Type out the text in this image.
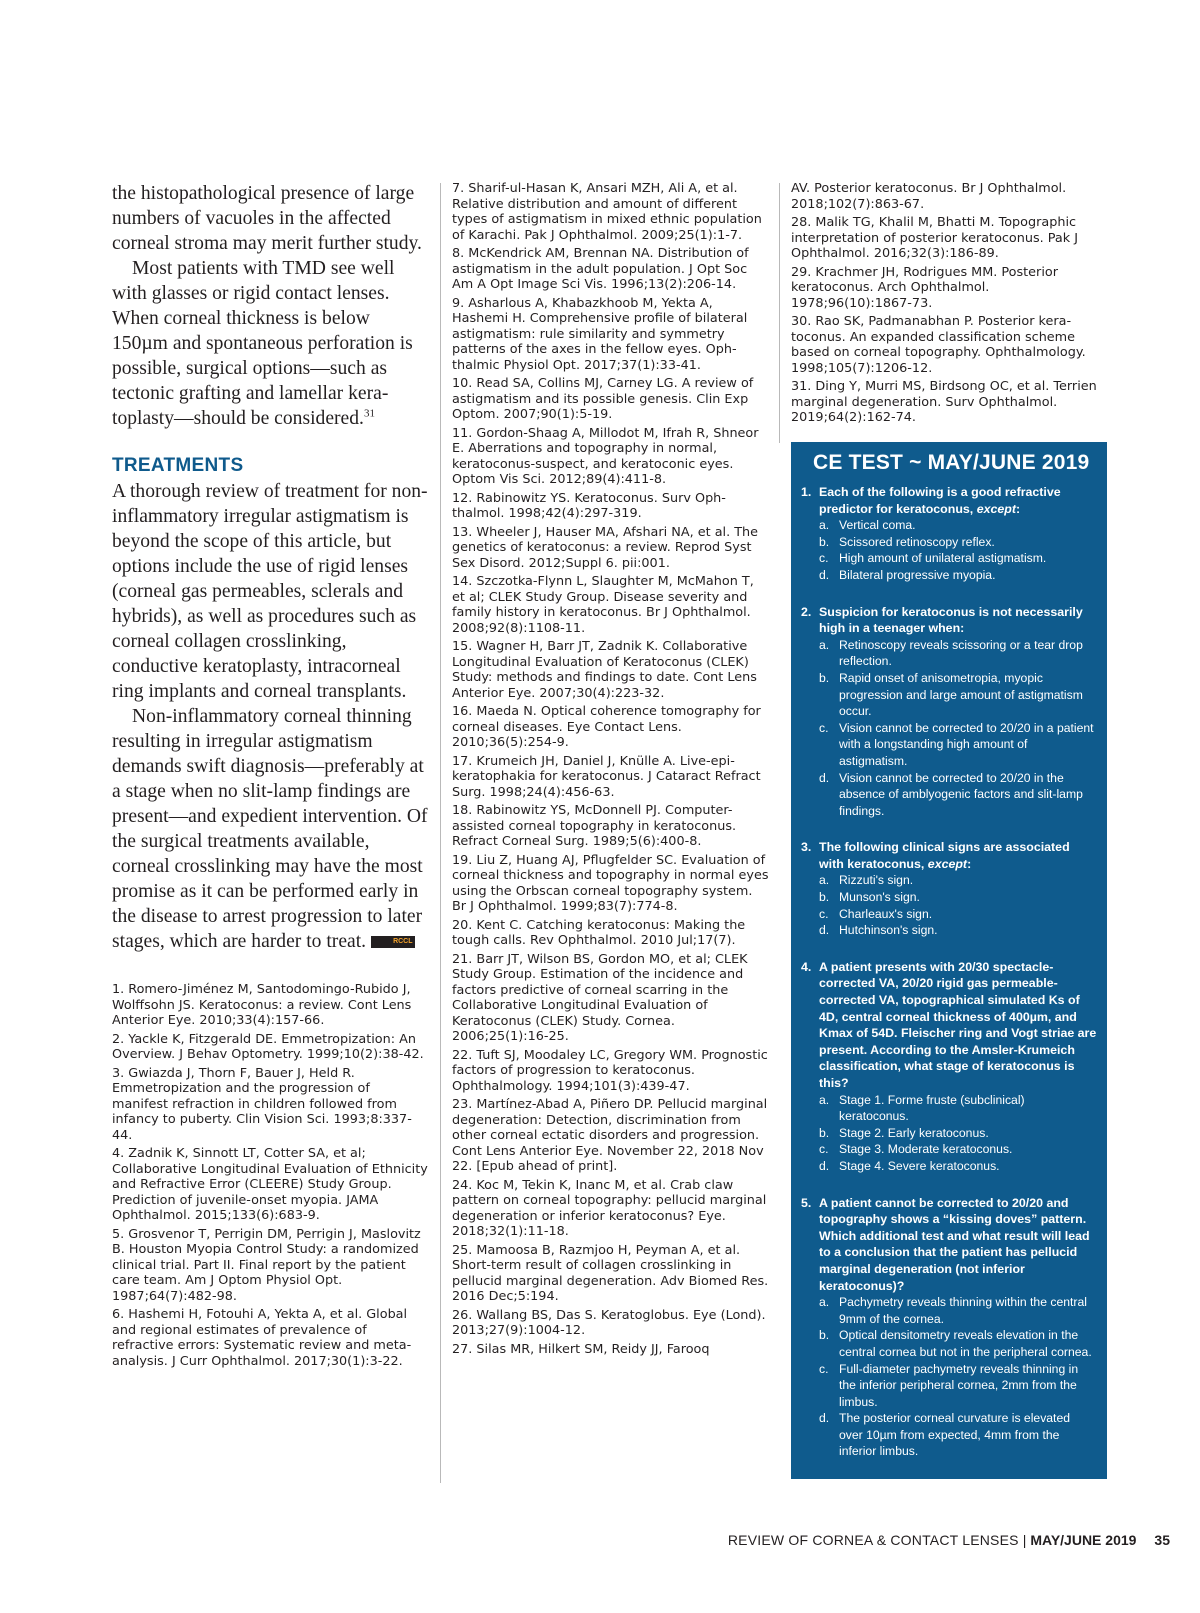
the histopathological presence of large numbers of vacuoles in the affected corneal stroma may merit further study.

Most patients with TMD see well with glasses or rigid contact lenses. When corneal thickness is below 150µm and spontaneous perforation is possible, surgical options—such as tectonic grafting and lamellar keratoplasty—should be considered.$^{31}$

TREATMENTS

A thorough review of treatment for non-inflammatory irregular astigmatism is beyond the scope of this article, but options include the use of rigid lenses (corneal gas permeables, sclerals and hybrids), as well as procedures such as corneal collagen crosslinking, conductive keratoplasty, intracorneal ring implants and corneal transplants.

Non-inflammatory corneal thinning resulting in irregular astigmatism demands swift diagnosis—preferably at a stage when no slit-lamp findings are present—and expedient intervention. Of the surgical treatments available, corneal crosslinking may have the most promise as it can be performed early in the disease to arrest progression to later stages, which are harder to treat.	RCCL

1. Romero-Jiménez M, Santodomingo-Rubido J, Wolffsohn JS. Keratoconus: a review. Cont Lens Anterior Eye. 2010;33(4):157-66.
2. Yackle K, Fitzgerald DE. Emmetropization: An Overview. J Behav Optometry. 1999;10(2):38-42.
3. Gwiazda J, Thorn F, Bauer J, Held R. Emmetropization and the progression of manifest refraction in children followed from infancy to puberty. Clin Vision Sci. 1993;8:337-44.
4. Zadnik K, Sinnott LT, Cotter SA, et al; Collaborative Longitudinal Evaluation of Ethnicity and Refractive Error (CLEERE) Study Group. Prediction of juvenile-onset myopia. JAMA Ophthalmol. 2015;133(6):683-9.
5. Grosvenor T, Perrigin DM, Perrigin J, Maslovitz B. Houston Myopia Control Study: a randomized clinical trial. Part II. Final report by the patient care team. Am J Optom Physiol Opt. 1987;64(7):482-98.
6. Hashemi H, Fotouhi A, Yekta A, et al. Global and regional estimates of prevalence of refractive errors: Systematic review and meta-analysis. J Curr Ophthalmol. 2017;30(1):3-22.
7. Sharif-ul-Hasan K, Ansari MZH, Ali A, et al. Relative distribution and amount of different types of astigmatism in mixed ethnic population of Karachi. Pak J Ophthalmol. 2009;25(1):1-7.
8. McKendrick AM, Brennan NA. Distribution of astigmatism in the adult population. J Opt Soc Am A Opt Image Sci Vis. 1996;13(2):206-14.
9. Asharlous A, Khabazkhoob M, Yekta A, Hashemi H. Comprehensive profile of bilateral astigmatism: rule similarity and symmetry patterns of the axes in the fellow eyes. Ophthalmic Physiol Opt. 2017;37(1):33-41.
10. Read SA, Collins MJ, Carney LG. A review of astigmatism and its possible genesis. Clin Exp Optom. 2007;90(1):5-19.
11. Gordon-Shaag A, Millodot M, Ifrah R, Shneor E. Aberrations and topography in normal, keratoconus-suspect, and keratoconic eyes. Optom Vis Sci. 2012;89(4):411-8.
12. Rabinowitz YS. Keratoconus. Surv Ophthalmol. 1998;42(4):297-319.
13. Wheeler J, Hauser MA, Afshari NA, et al. The genetics of keratoconus: a review. Reprod Syst Sex Disord. 2012;Suppl 6. pii:001.
14. Szczotka-Flynn L, Slaughter M, McMahon T, et al; CLEK Study Group. Disease severity and family history in keratoconus. Br J Ophthalmol. 2008;92(8):1108-11.
15. Wagner H, Barr JT, Zadnik K. Collaborative Longitudinal Evaluation of Keratoconus (CLEK) Study: methods and findings to date. Cont Lens Anterior Eye. 2007;30(4):223-32.
16. Maeda N. Optical coherence tomography for corneal diseases. Eye Contact Lens. 2010;36(5):254-9.
17. Krumeich JH, Daniel J, Knülle A. Live-epikeratophakia for keratoconus. J Cataract Refract Surg. 1998;24(4):456-63.
18. Rabinowitz YS, McDonnell PJ. Computer-assisted corneal topography in keratoconus. Refract Corneal Surg. 1989;5(6):400-8.
19. Liu Z, Huang AJ, Pflugfelder SC. Evaluation of corneal thickness and topography in normal eyes using the Orbscan corneal topography system. Br J Ophthalmol. 1999;83(7):774-8.
20. Kent C. Catching keratoconus: Making the tough calls. Rev Ophthalmol. 2010 Jul;17(7).
21. Barr JT, Wilson BS, Gordon MO, et al; CLEK Study Group. Estimation of the incidence and factors predictive of corneal scarring in the Collaborative Longitudinal Evaluation of Keratoconus (CLEK) Study. Cornea. 2006;25(1):16-25.
22. Tuft SJ, Moodaley LC, Gregory WM. Prognostic factors of progression to keratoconus. Ophthalmology. 1994;101(3):439-47.
23. Martínez-Abad A, Piñero DP. Pellucid marginal degeneration: Detection, discrimination from other corneal ectatic disorders and progression. Cont Lens Anterior Eye. November 22, 2018 Nov 22. [Epub ahead of print].
24. Koc M, Tekin K, Inanc M, et al. Crab claw pattern on corneal topography: pellucid marginal degeneration or inferior keratoconus? Eye. 2018;32(1):11-18.
25. Mamoosa B, Razmjoo H, Peyman A, et al. Short-term result of collagen crosslinking in pellucid marginal degeneration. Adv Biomed Res. 2016 Dec;5:194.
26. Wallang BS, Das S. Keratoglobus. Eye (Lond). 2013;27(9):1004-12.
27. Silas MR, Hilkert SM, Reidy JJ, Farooq
AV. Posterior keratoconus. Br J Ophthalmol. 2018;102(7):863-67.
28. Malik TG, Khalil M, Bhatti M. Topographic interpretation of posterior keratoconus. Pak J Ophthalmol. 2016;32(3):186-89.
29. Krachmer JH, Rodrigues MM. Posterior keratoconus. Arch Ophthalmol. 1978;96(10):1867-73.
30. Rao SK, Padmanabhan P. Posterior keratoconus. An expanded classification scheme based on corneal topography. Ophthalmology. 1998;105(7):1206-12.
31. Ding Y, Murri MS, Birdsong OC, et al. Terrien marginal degeneration. Surv Ophthalmol. 2019;64(2):162-74.
CE TEST ~ MAY/JUNE 2019
1. Each of the following is a good refractive predictor for keratoconus, except:
a. Vertical coma.
b. Scissored retinoscopy reflex.
c. High amount of unilateral astigmatism.
d. Bilateral progressive myopia.
2. Suspicion for keratoconus is not necessarily high in a teenager when:
a. Retinoscopy reveals scissoring or a tear drop reflection.
b. Rapid onset of anisometropia, myopic progression and large amount of astigmatism occur.
c. Vision cannot be corrected to 20/20 in a patient with a longstanding high amount of astigmatism.
d. Vision cannot be corrected to 20/20 in the absence of amblyogenic factors and slit-lamp findings.
3. The following clinical signs are associated with keratoconus, except:
a. Rizzuti's sign.
b. Munson's sign.
c. Charleaux's sign.
d. Hutchinson's sign.
4. A patient presents with 20/30 spectacle-corrected VA, 20/20 rigid gas permeable-corrected VA, topographical simulated Ks of 4D, central corneal thickness of 400µm, and Kmax of 54D. Fleischer ring and Vogt striae are present. According to the Amsler-Krumeich classification, what stage of keratoconus is this?
a. Stage 1. Forme fruste (subclinical) keratoconus.
b. Stage 2. Early keratoconus.
c. Stage 3. Moderate keratoconus.
d. Stage 4. Severe keratoconus.
5. A patient cannot be corrected to 20/20 and topography shows a “kissing doves” pattern. Which additional test and what result will lead to a conclusion that the patient has pellucid marginal degeneration (not inferior keratoconus)?
a. Pachymetry reveals thinning within the central 9mm of the cornea.
b. Optical densitometry reveals elevation in the central cornea but not in the peripheral cornea.
c. Full-diameter pachymetry reveals thinning in the inferior peripheral cornea, 2mm from the limbus.
d. The posterior corneal curvature is elevated over 10µm from expected, 4mm from the inferior limbus.
REVIEW OF CORNEA & CONTACT LENSES | MAY/JUNE 2019 35
